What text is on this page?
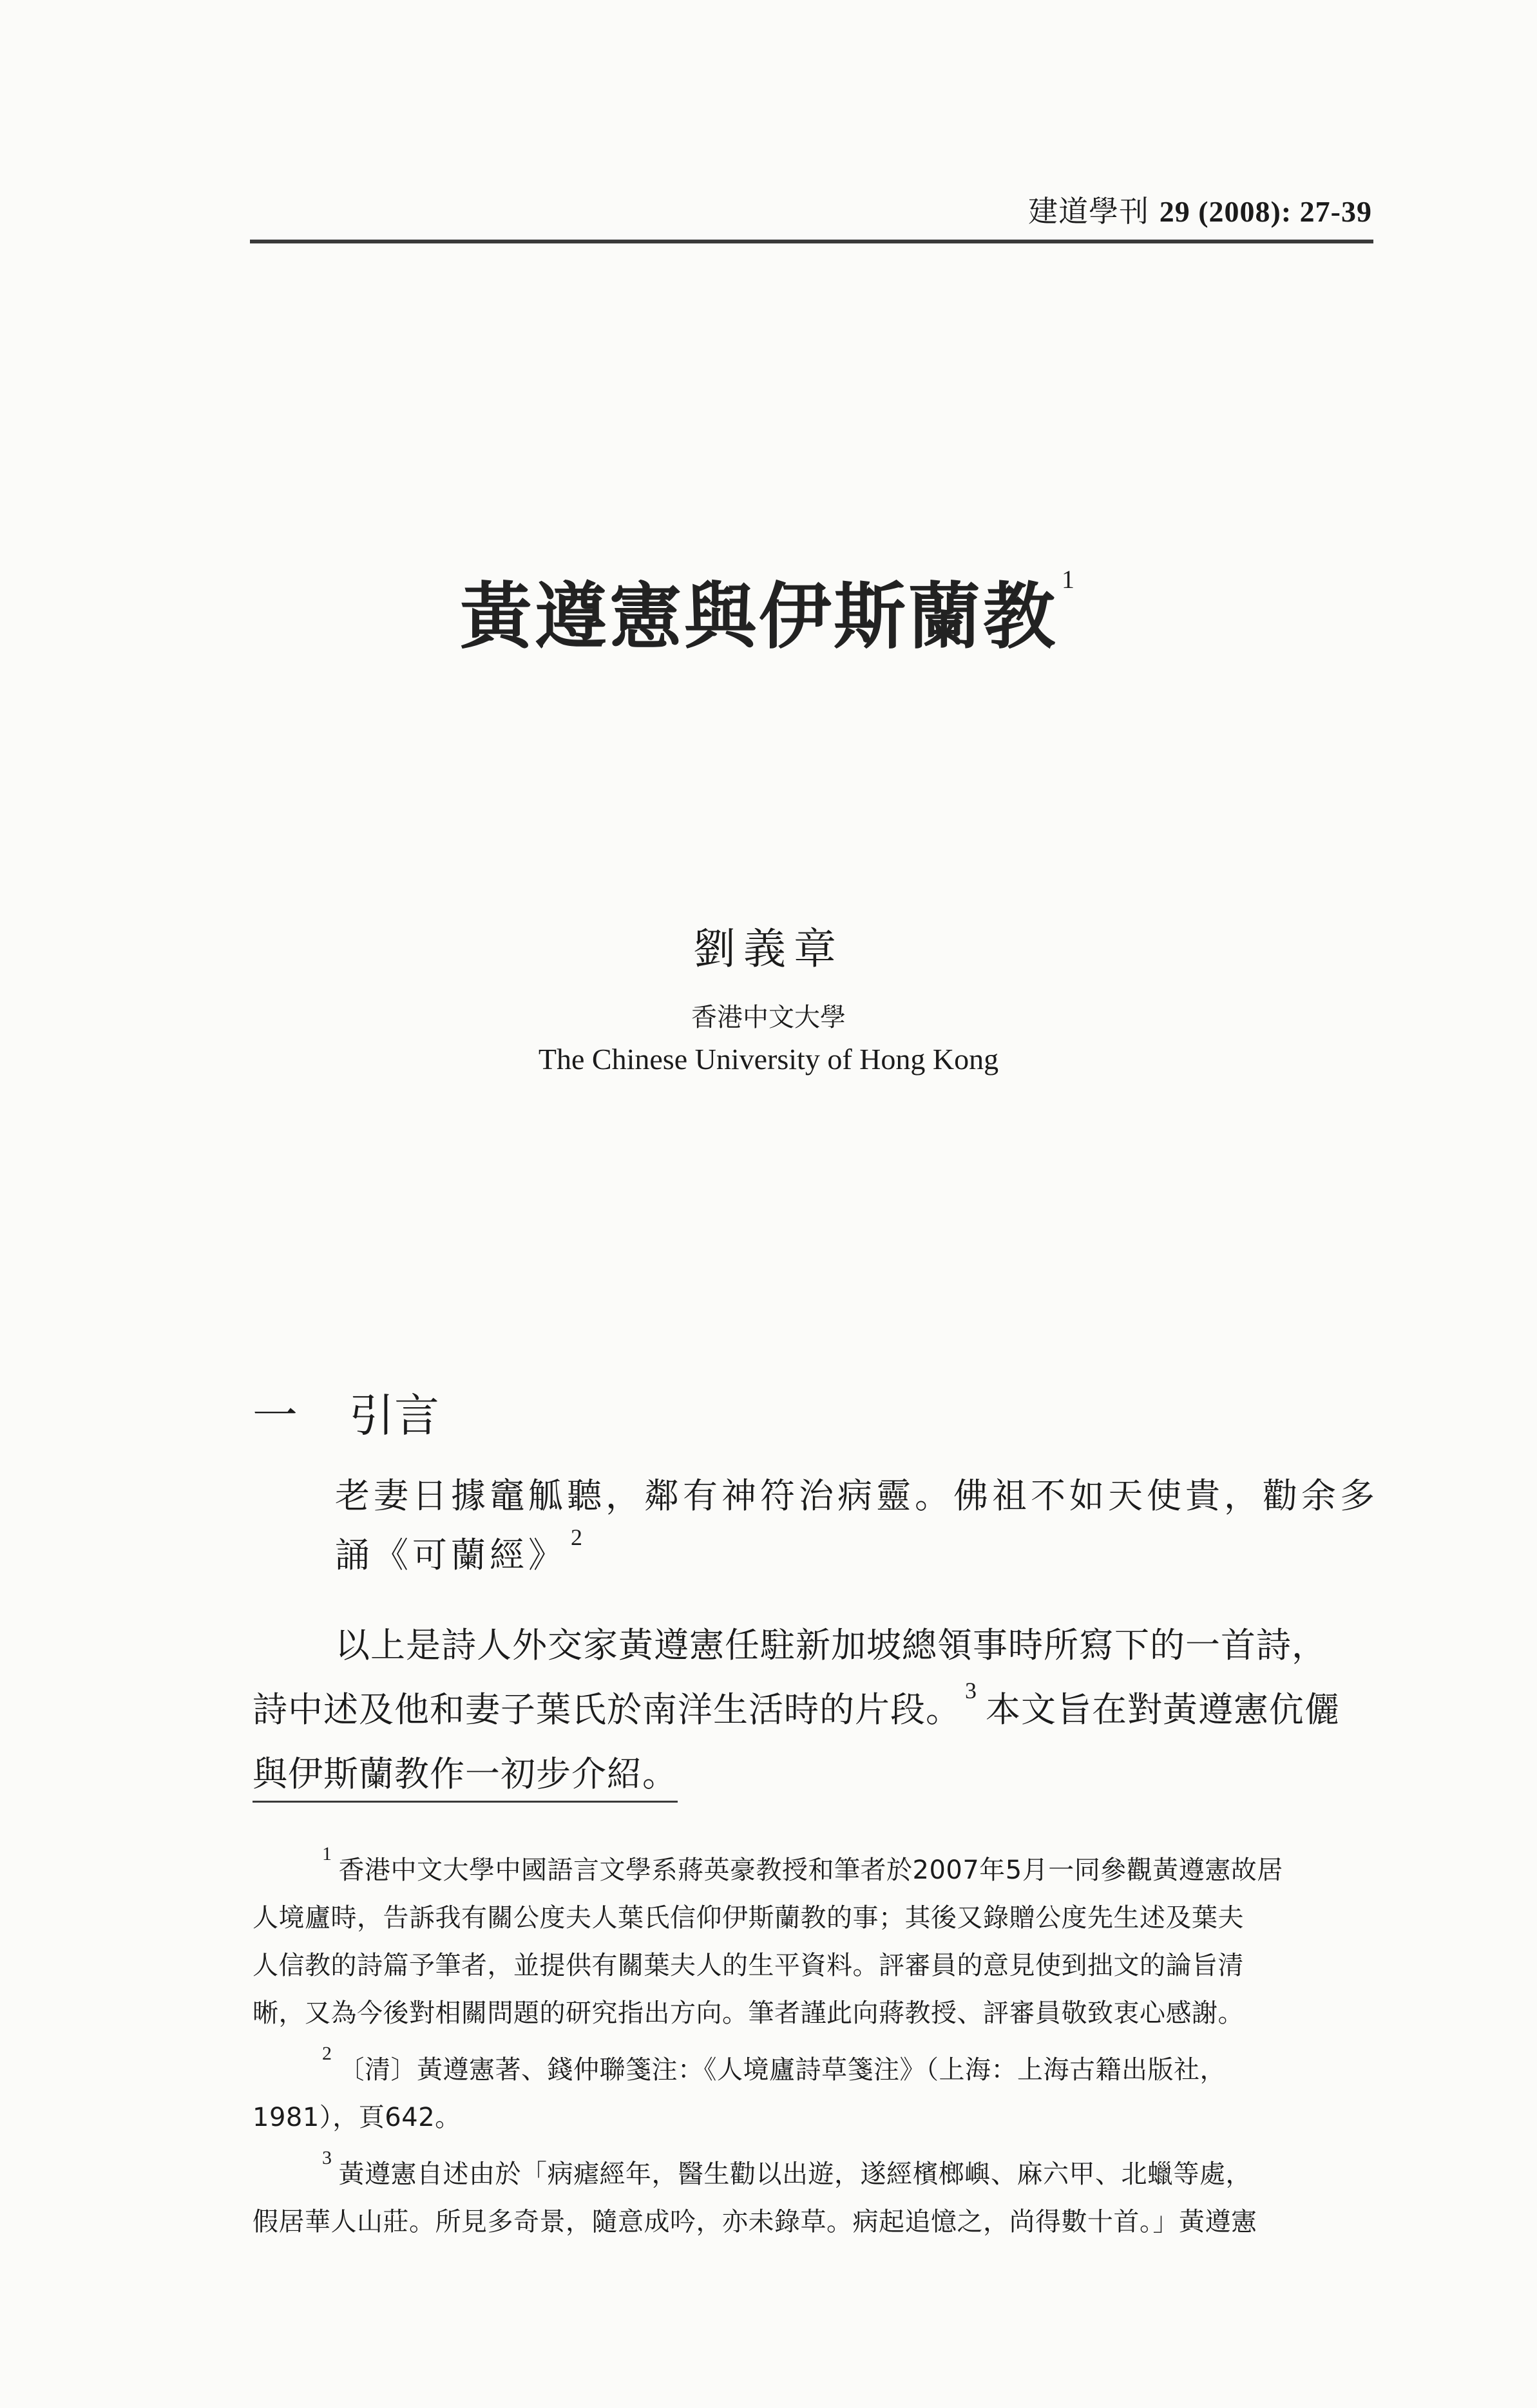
建道學刊 29 (2008): 27-39
黃遵憲與伊斯蘭教 $^1$
劉義章
香港中文大學
The Chinese University of Hong Kong
一 引言
老妻日據竈觚聽，鄰有神符治病靈。佛祖不如天使貴，勸余多
誦《可蘭經》 $^2$
以上是詩人外交家黃遵憲任駐新加坡總領事時所寫下的一首詩，
詩中述及他和妻子葉氏於南洋生活時的片段。 $^3$ 本文旨在對黃遵憲伉儷
與伊斯蘭教作一初步介紹。
$^1$香港中文大學中國語言文學系蔣英豪教授和筆者於2007年5月一同參觀黃遵憲故居
人境廬時，告訴我有關公度夫人葉氏信仰伊斯蘭教的事；其後又錄贈公度先生述及葉夫
人信教的詩篇予筆者，並提供有關葉夫人的生平資料。評審員的意見使到拙文的論旨清
晰，又為今後對相關問題的研究指出方向。筆者謹此向蔣教授、評審員敬致衷心感謝。
$^2$〔清〕黃遵憲著、錢仲聯箋注：《人境廬詩草箋注》（上海：上海古籍出版社，
1981），頁642。
$^3$黃遵憲自述由於「病瘧經年，醫生勸以出遊，遂經檳榔嶼、麻六甲、北蠟等處，
假居華人山莊。所見多奇景，隨意成吟，亦未錄草。病起追憶之，尚得數十首。」黃遵憲
